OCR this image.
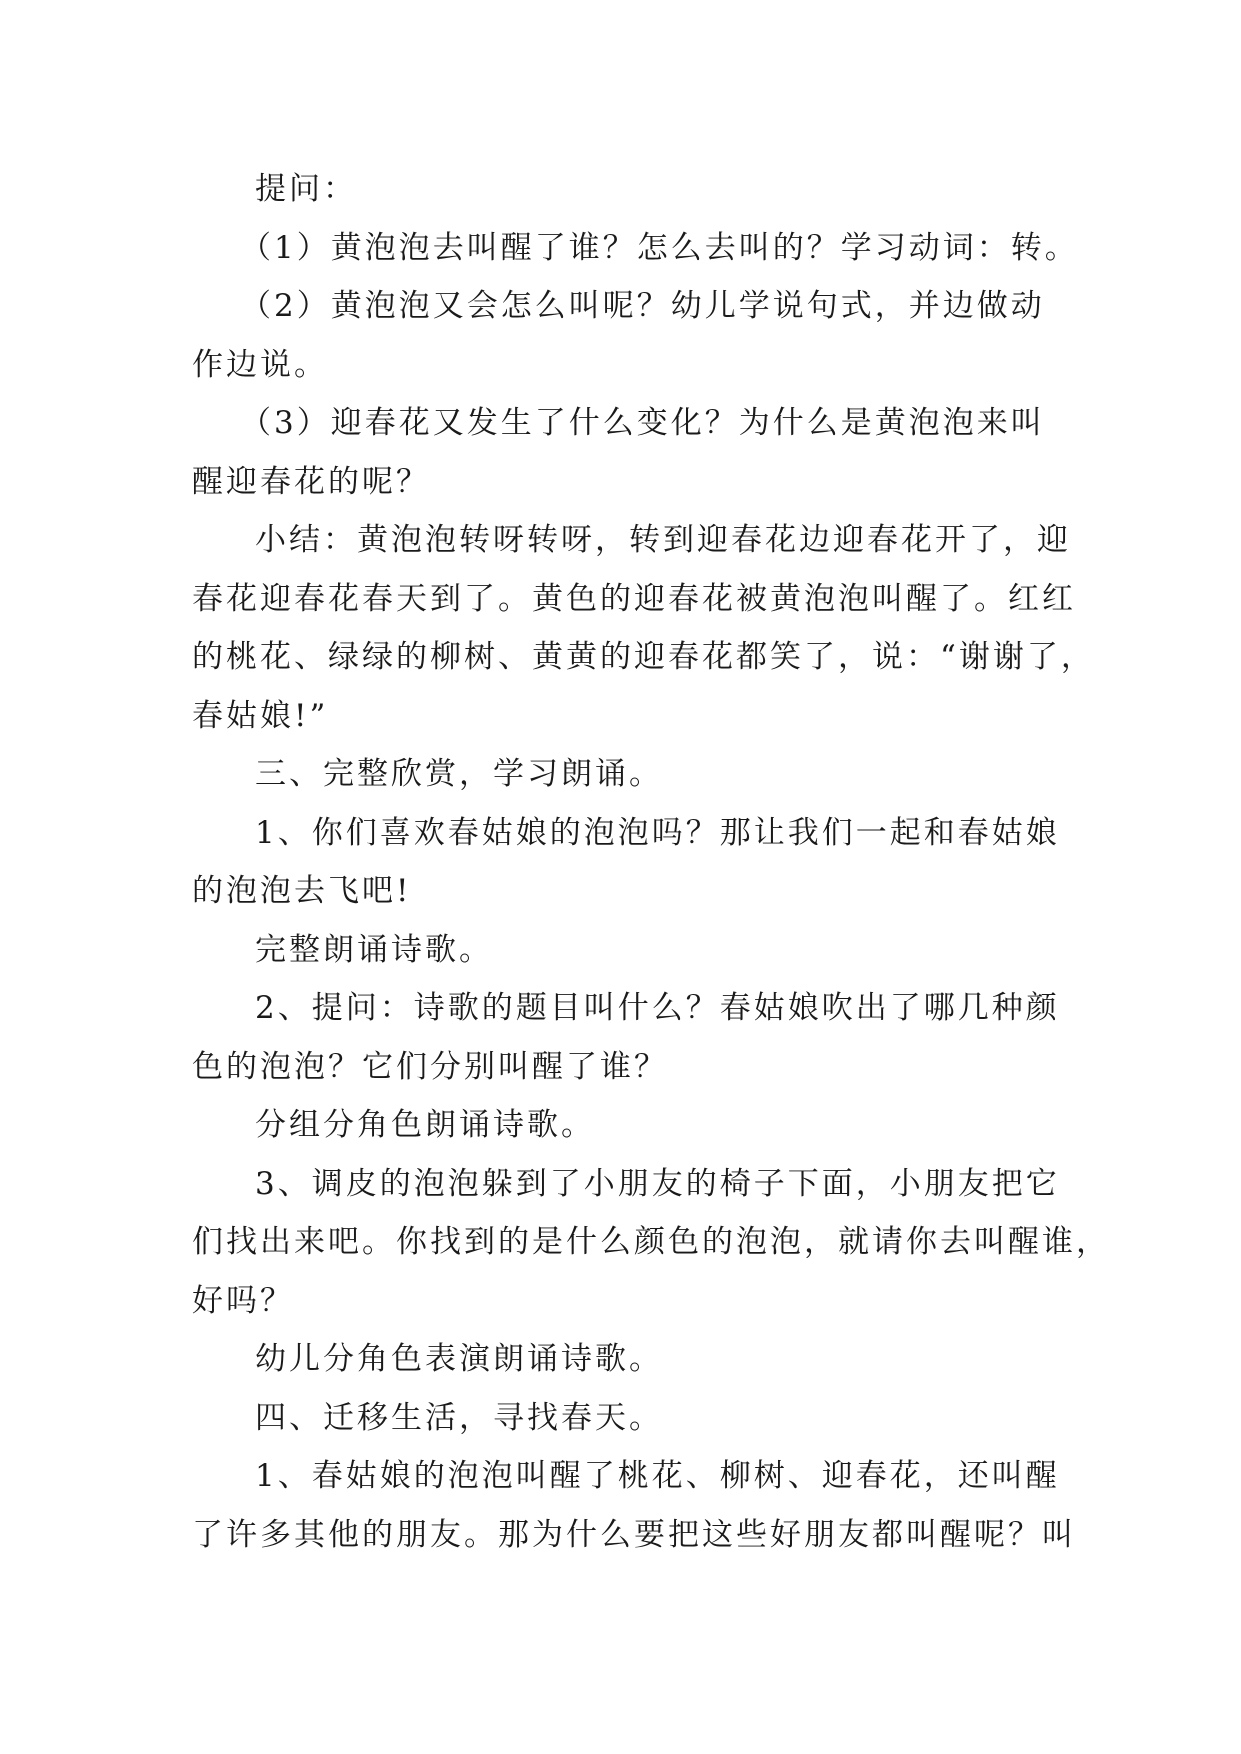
提问：
（1）黄泡泡去叫醒了谁？怎么去叫的？学习动词：转。
（2）黄泡泡又会怎么叫呢？幼儿学说句式，并边做动
作边说。
（3）迎春花又发生了什么变化？为什么是黄泡泡来叫
醒迎春花的呢？
小结：黄泡泡转呀转呀，转到迎春花边迎春花开了，迎
春花迎春花春天到了。黄色的迎春花被黄泡泡叫醒了。红红
的桃花、绿绿的柳树、黄黄的迎春花都笑了，说：“谢谢了，
春姑娘!”
三、完整欣赏，学习朗诵。
1、你们喜欢春姑娘的泡泡吗？那让我们一起和春姑娘
的泡泡去飞吧!
完整朗诵诗歌。
2、提问：诗歌的题目叫什么？春姑娘吹出了哪几种颜
色的泡泡？它们分别叫醒了谁？
分组分角色朗诵诗歌。
3、调皮的泡泡躲到了小朋友的椅子下面，小朋友把它
们找出来吧。你找到的是什么颜色的泡泡，就请你去叫醒谁，
好吗？
幼儿分角色表演朗诵诗歌。
四、迁移生活，寻找春天。
1、春姑娘的泡泡叫醒了桃花、柳树、迎春花，还叫醒
了许多其他的朋友。那为什么要把这些好朋友都叫醒呢？叫
